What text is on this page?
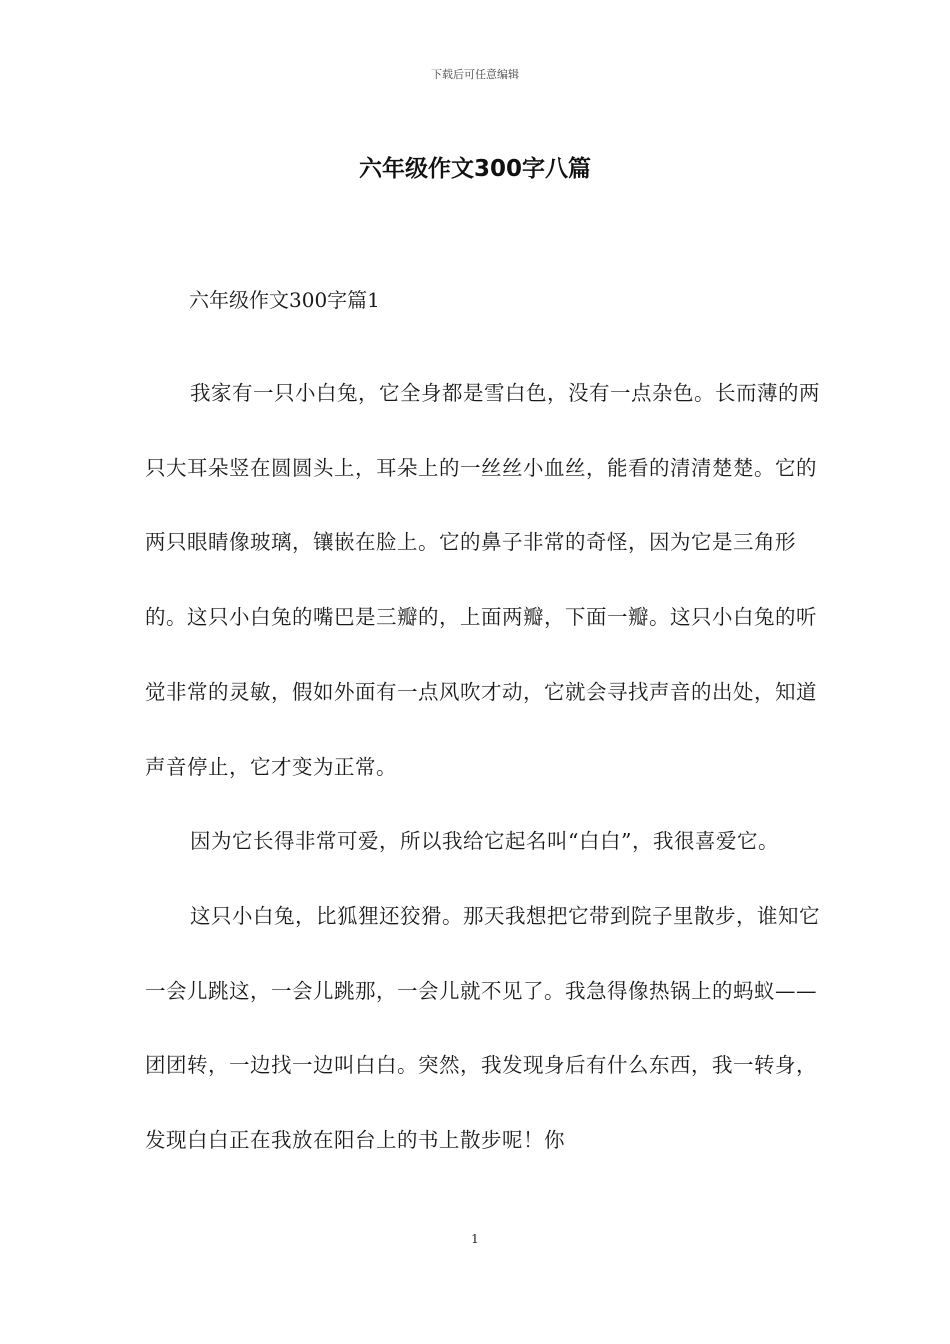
下载后可任意编辑
六年级作文300字八篇
六年级作文300字篇1

我家有一只小白兔，它全身都是雪白色，没有一点杂色。长而薄的两只大耳朵竖在圆圆头上，耳朵上的一丝丝小血丝，能看的清清楚楚。它的两只眼睛像玻璃，镶嵌在脸上。它的鼻子非常的奇怪，因为它是三角形的。这只小白兔的嘴巴是三瓣的，上面两瓣，下面一瓣。这只小白兔的听觉非常的灵敏，假如外面有一点风吹才动，它就会寻找声音的出处，知道声音停止，它才变为正常。

因为它长得非常可爱，所以我给它起名叫“白白”，我很喜爱它。

这只小白兔，比狐狸还狡猾。那天我想把它带到院子里散步，谁知它一会儿跳这，一会儿跳那，一会儿就不见了。我急得像热锅上的蚂蚁——团团转，一边找一边叫白白。突然，我发现身后有什么东西，我一转身，发现白白正在我放在阳台上的书上散步呢！你

1
